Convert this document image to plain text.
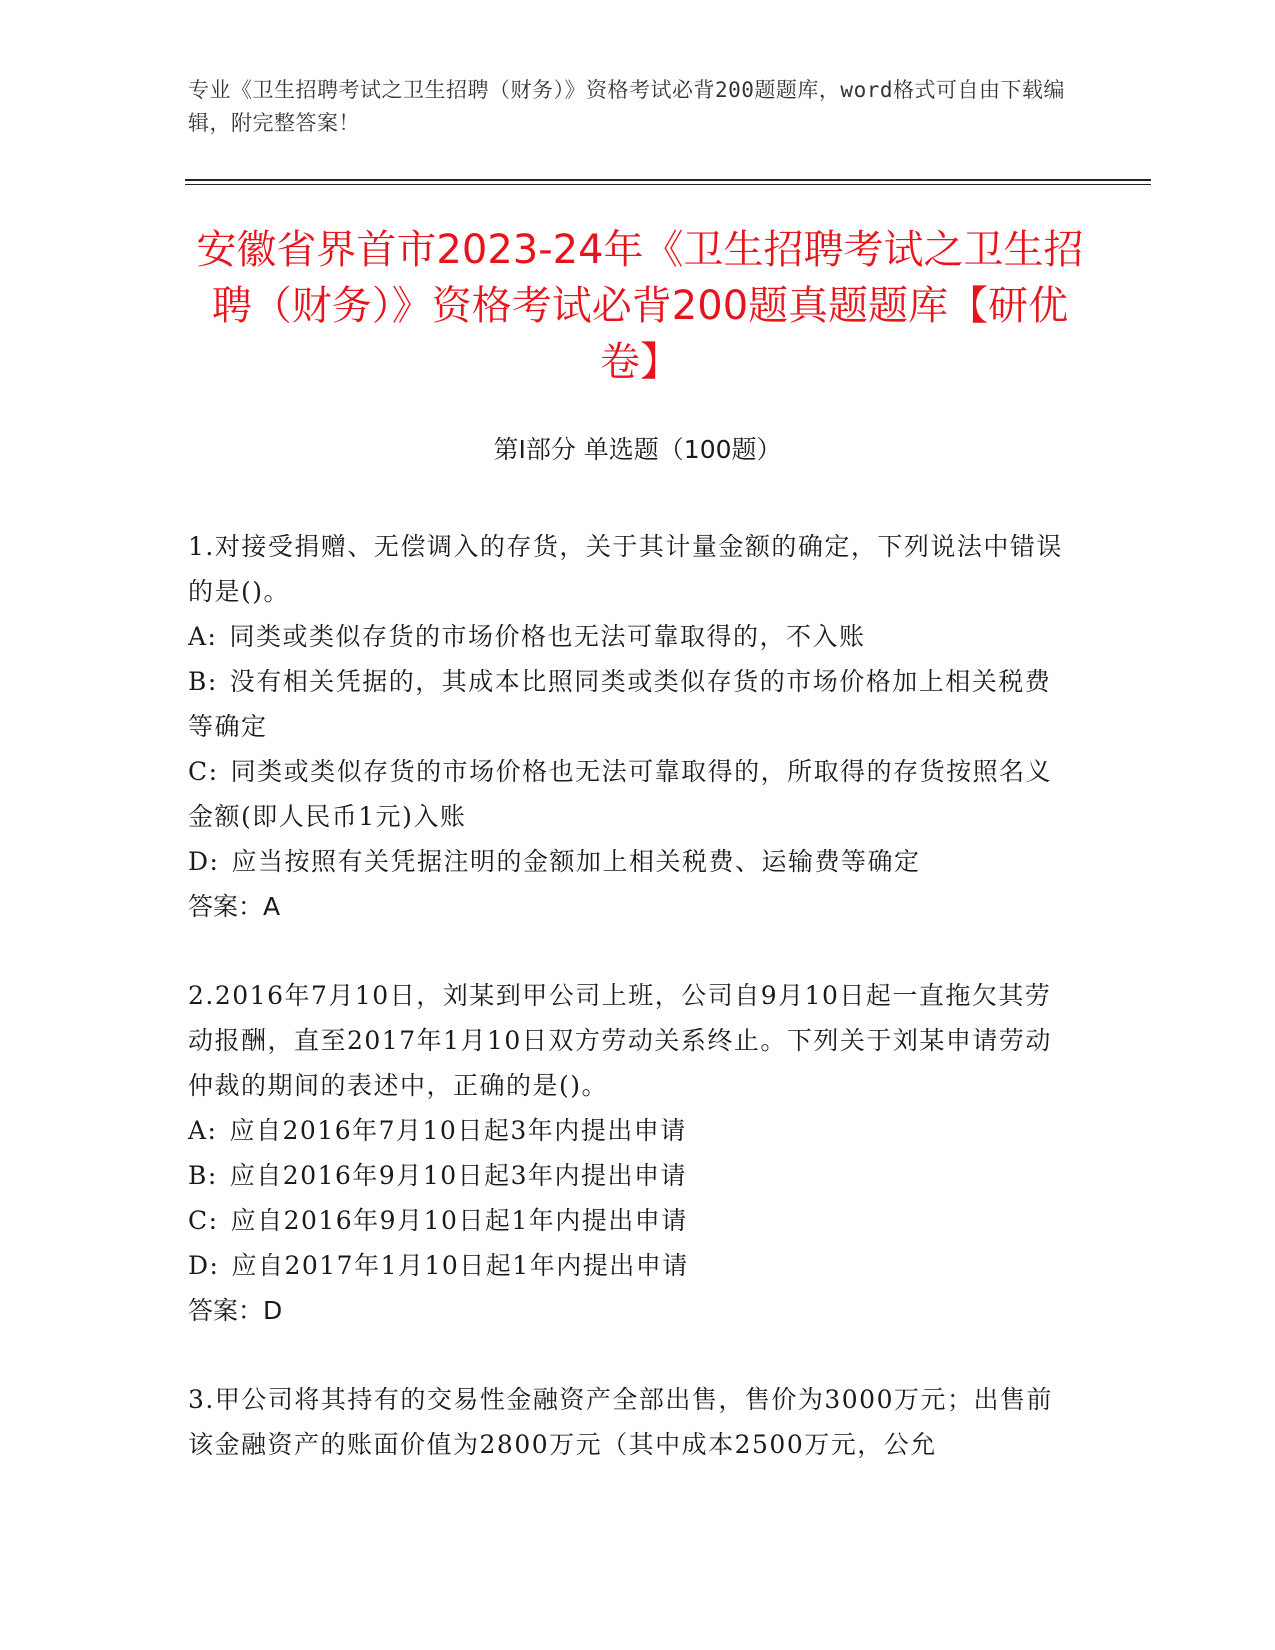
专业《卫生招聘考试之卫生招聘（财务）》资格考试必背200题题库，word格式可自由下载编辑，附完整答案！
安徽省界首市2023-24年《卫生招聘考试之卫生招聘（财务）》资格考试必背200题真题题库【研优卷】
第Ⅰ部分 单选题（100题）

1.对接受捐赠、无偿调入的存货，关于其计量金额的确定，下列说法中错误的是()。

A: 同类或类似存货的市场价格也无法可靠取得的，不入账

B: 没有相关凭据的，其成本比照同类或类似存货的市场价格加上相关税费等确定

C: 同类或类似存货的市场价格也无法可靠取得的，所取得的存货按照名义金额(即人民币1元)入账

D: 应当按照有关凭据注明的金额加上相关税费、运输费等确定

答案：A

2.2016年7月10日，刘某到甲公司上班，公司自9月10日起一直拖欠其劳动报酬，直至2017年1月10日双方劳动关系终止。下列关于刘某申请劳动仲裁的期间的表述中，正确的是()。

A: 应自2016年7月10日起3年内提出申请

B: 应自2016年9月10日起3年内提出申请

C: 应自2016年9月10日起1年内提出申请

D: 应自2017年1月10日起1年内提出申请

答案：D

3.甲公司将其持有的交易性金融资产全部出售，售价为3000万元；出售前该金融资产的账面价值为2800万元（其中成本2500万元，公允
